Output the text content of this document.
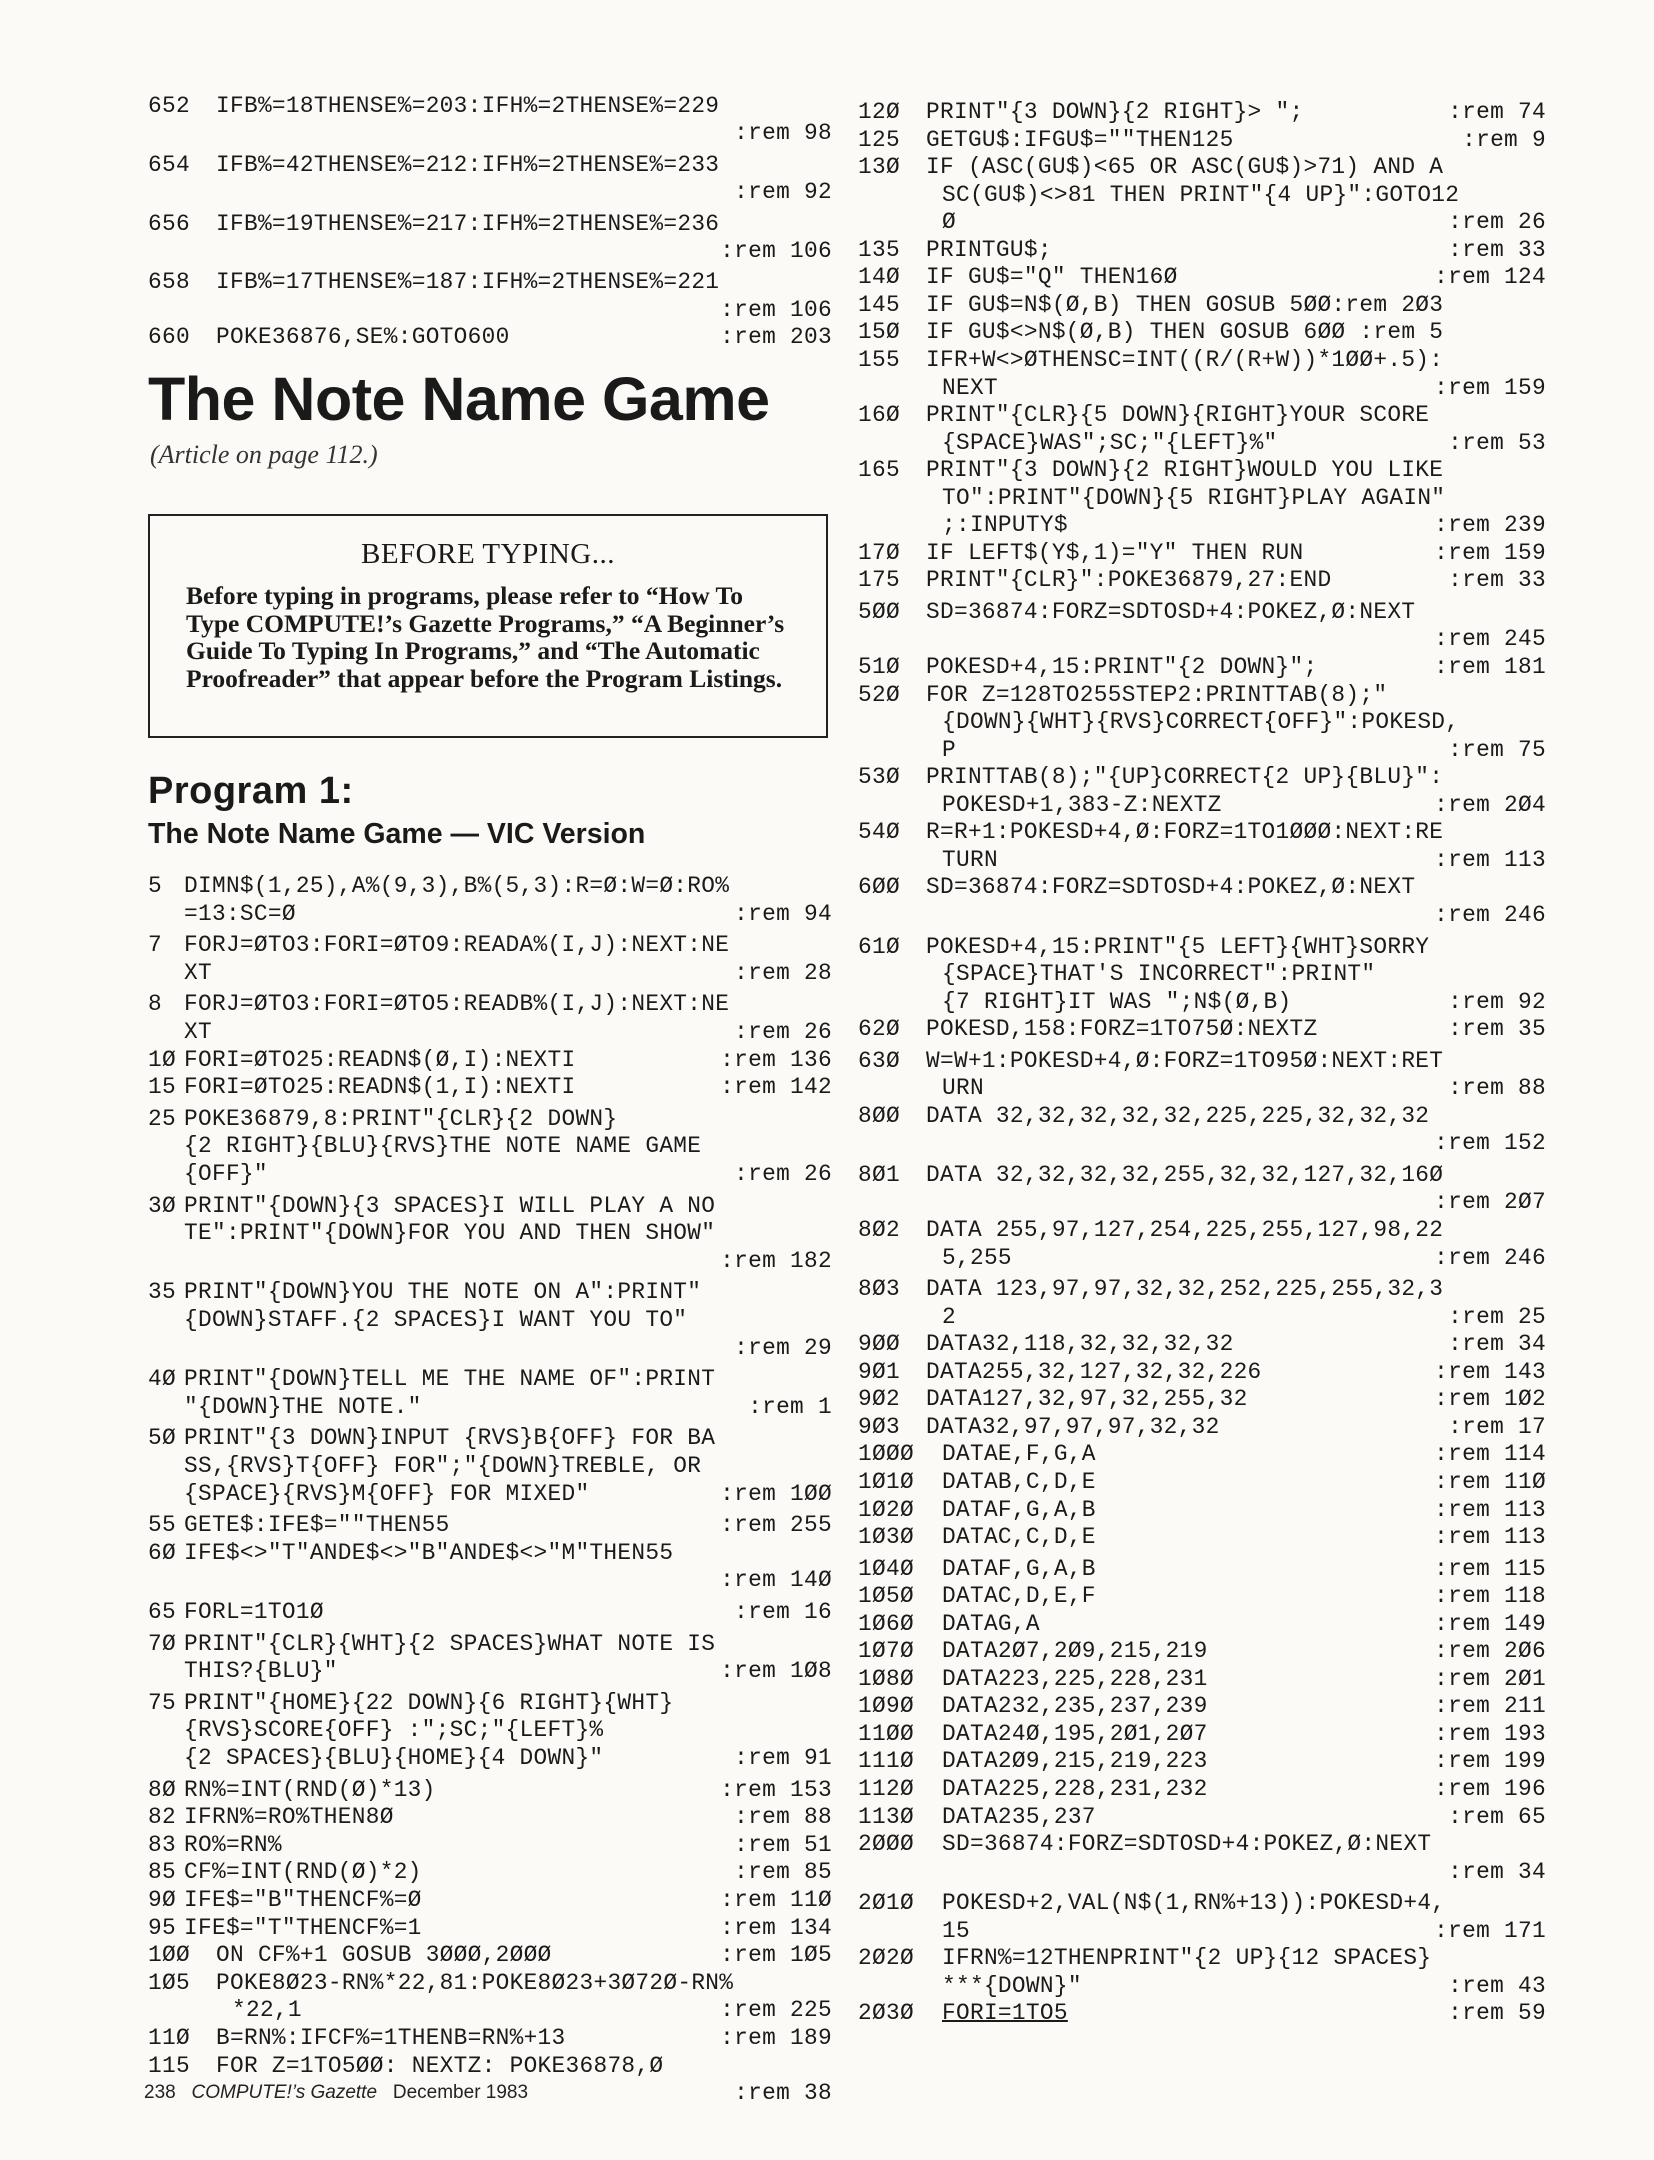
652 IFB%=18THENSE%=203:IFH%=2THENSE%=229
:rem 98
654 IFB%=42THENSE%=212:IFH%=2THENSE%=233
:rem 92
656 IFB%=19THENSE%=217:IFH%=2THENSE%=236
:rem 106
658 IFB%=17THENSE%=187:IFH%=2THENSE%=221
:rem 106
660 POKE36876,SE%:GOTO600	:rem 203
The Note Name Game
(Article on page 112.)
BEFORE TYPING...
Before typing in programs, please refer to “How To Type COMPUTE!’s Gazette Programs,” “A Beginner’s Guide To Typing In Programs,” and “The Automatic Proofreader” that appear before the Program Listings.
Program 1:
The Note Name Game — VIC Version
5 DIMN$(1,25),A%(9,3),B%(5,3):R=Ø:W=Ø:RO%
=13:SC=Ø	:rem 94
7 FORJ=ØTO3:FORI=ØTO9:READA%(I,J):NEXT:NE
XT	:rem 28
8 FORJ=ØTO3:FORI=ØTO5:READB%(I,J):NEXT:NE
XT	:rem 26
1Ø FORI=ØTO25:READN$(Ø,I):NEXTI	:rem 136
15 FORI=ØTO25:READN$(1,I):NEXTI	:rem 142
25 POKE36879,8:PRINT"{CLR}{2 DOWN}
{2 RIGHT}{BLU}{RVS}THE NOTE NAME GAME
{OFF}"	:rem 26
3Ø PRINT"{DOWN}{3 SPACES}I WILL PLAY A NO
TE":PRINT"{DOWN}FOR YOU AND THEN SHOW"
:rem 182
35 PRINT"{DOWN}YOU THE NOTE ON A":PRINT"
{DOWN}STAFF.{2 SPACES}I WANT YOU TO"
:rem 29
4Ø PRINT"{DOWN}TELL ME THE NAME OF":PRINT
"{DOWN}THE NOTE."	:rem 1
5Ø PRINT"{3 DOWN}INPUT {RVS}B{OFF} FOR BA
SS,{RVS}T{OFF} FOR";"{DOWN}TREBLE, OR
{SPACE}{RVS}M{OFF} FOR MIXED"	:rem 1ØØ
55 GETE$:IFE$=""THEN55	:rem 255
6Ø IFE$<>"T"ANDE$<>"B"ANDE$<>"M"THEN55
:rem 14Ø
65 FORL=1TO1Ø	:rem 16
7Ø PRINT"{CLR}{WHT}{2 SPACES}WHAT NOTE IS
THIS?{BLU}"	:rem 1Ø8
75 PRINT"{HOME}{22 DOWN}{6 RIGHT}{WHT}
{RVS}SCORE{OFF} :";SC;"{LEFT}%
{2 SPACES}{BLU}{HOME}{4 DOWN}"	:rem 91
8Ø RN%=INT(RND(Ø)*13)	:rem 153
82 IFRN%=RO%THEN8Ø	:rem 88
83 RO%=RN%	:rem 51
85 CF%=INT(RND(Ø)*2)	:rem 85
9Ø IFE$="B"THENCF%=Ø	:rem 11Ø
95 IFE$="T"THENCF%=1	:rem 134
1ØØ ON CF%+1 GOSUB 3ØØØ,2ØØØ	:rem 1Ø5
1Ø5 POKE8Ø23-RN%*22,81:POKE8Ø23+3Ø72Ø-RN%
*22,1	:rem 225
11Ø B=RN%:IFCF%=1THENB=RN%+13	:rem 189
115 FOR Z=1TO5ØØ: NEXTZ: POKE36878,Ø
:rem 38
12Ø PRINT"{3 DOWN}{2 RIGHT}> ";	:rem 74
125 GETGU$:IFGU$=""THEN125	:rem 9
13Ø IF (ASC(GU$)<65 OR ASC(GU$)>71) AND A
SC(GU$)<>81 THEN PRINT"{4 UP}":GOTO12
Ø	:rem 26
135 PRINTGU$;	:rem 33
14Ø IF GU$="Q" THEN16Ø	:rem 124
145 IF GU$=N$(Ø,B) THEN GOSUB 5ØØ:rem 2Ø3
15Ø IF GU$<>N$(Ø,B) THEN GOSUB 6ØØ :rem 5
155 IFR+W<>ØTHENSC=INT((R/(R+W))*1ØØ+.5):
NEXT	:rem 159
16Ø PRINT"{CLR}{5 DOWN}{RIGHT}YOUR SCORE
{SPACE}WAS";SC;"{LEFT}%"	:rem 53
165 PRINT"{3 DOWN}{2 RIGHT}WOULD YOU LIKE
TO":PRINT"{DOWN}{5 RIGHT}PLAY AGAIN"
;:INPUTY$	:rem 239
17Ø IF LEFT$(Y$,1)="Y" THEN RUN	:rem 159
175 PRINT"{CLR}":POKE36879,27:END	:rem 33
5ØØ SD=36874:FORZ=SDTOSD+4:POKEZ,Ø:NEXT
:rem 245
51Ø POKESD+4,15:PRINT"{2 DOWN}";	:rem 181
52Ø FOR Z=128TO255STEP2:PRINTTAB(8);"
{DOWN}{WHT}{RVS}CORRECT{OFF}":POKESD,
P	:rem 75
53Ø PRINTTAB(8);"{UP}CORRECT{2 UP}{BLU}":
POKESD+1,383-Z:NEXTZ	:rem 2Ø4
54Ø R=R+1:POKESD+4,Ø:FORZ=1TO1ØØØ:NEXT:RE
TURN	:rem 113
6ØØ SD=36874:FORZ=SDTOSD+4:POKEZ,Ø:NEXT
:rem 246
61Ø POKESD+4,15:PRINT"{5 LEFT}{WHT}SORRY
{SPACE}THAT'S INCORRECT":PRINT"
{7 RIGHT}IT WAS ";N$(Ø,B)	:rem 92
62Ø POKESD,158:FORZ=1TO75Ø:NEXTZ	:rem 35
63Ø W=W+1:POKESD+4,Ø:FORZ=1TO95Ø:NEXT:RET
URN	:rem 88
8ØØ DATA 32,32,32,32,32,225,225,32,32,32
:rem 152
8Ø1 DATA 32,32,32,32,255,32,32,127,32,16Ø
:rem 2Ø7
8Ø2 DATA 255,97,127,254,225,255,127,98,22
5,255	:rem 246
8Ø3 DATA 123,97,97,32,32,252,225,255,32,3
2	:rem 25
9ØØ DATA32,118,32,32,32,32	:rem 34
9Ø1 DATA255,32,127,32,32,226	:rem 143
9Ø2 DATA127,32,97,32,255,32	:rem 1Ø2
9Ø3 DATA32,97,97,97,32,32	:rem 17
1ØØØ DATAE,F,G,A	:rem 114
1Ø1Ø DATAB,C,D,E	:rem 11Ø
1Ø2Ø DATAF,G,A,B	:rem 113
1Ø3Ø DATAC,C,D,E	:rem 113
1Ø4Ø DATAF,G,A,B	:rem 115
1Ø5Ø DATAC,D,E,F	:rem 118
1Ø6Ø DATAG,A	:rem 149
1Ø7Ø DATA2Ø7,2Ø9,215,219	:rem 2Ø6
1Ø8Ø DATA223,225,228,231	:rem 2Ø1
1Ø9Ø DATA232,235,237,239	:rem 211
11ØØ DATA24Ø,195,2Ø1,2Ø7	:rem 193
111Ø DATA2Ø9,215,219,223	:rem 199
112Ø DATA225,228,231,232	:rem 196
113Ø DATA235,237	:rem 65
2ØØØ SD=36874:FORZ=SDTOSD+4:POKEZ,Ø:NEXT
:rem 34
2Ø1Ø POKESD+2,VAL(N$(1,RN%+13)):POKESD+4,
15	:rem 171
2Ø2Ø IFRN%=12THENPRINT"{2 UP}{12 SPACES}
***{DOWN}"	:rem 43
2Ø3Ø FORI=1TO5	:rem 59
238 COMPUTE!’s Gazette December 1983
